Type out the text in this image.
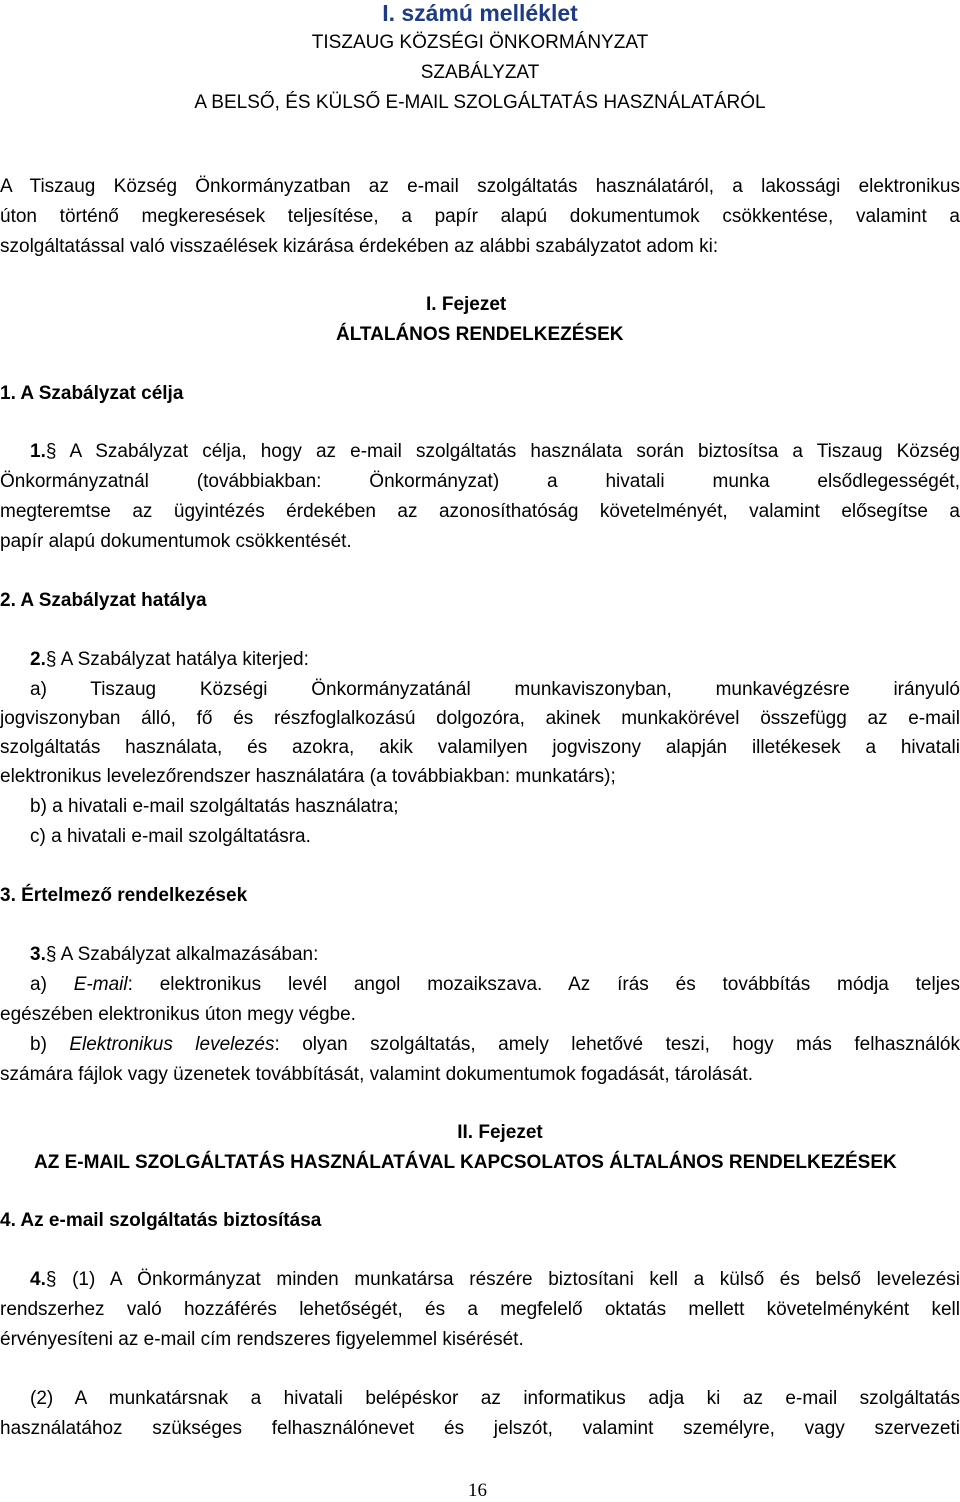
I. számú melléklet
TISZAUG KÖZSÉGI ÖNKORMÁNYZAT
SZABÁLYZAT
A BELSŐ, ÉS KÜLSŐ E-MAIL SZOLGÁLTATÁS HASZNÁLATÁRÓL
A Tiszaug Község Önkormányzatban az e-mail szolgáltatás használatáról, a lakossági elektronikus
úton történő megkeresések teljesítése, a papír alapú dokumentumok csökkentése, valamint a
szolgáltatással való visszaélések kizárása érdekében az alábbi szabályzatot adom ki:
I. Fejezet
ÁLTALÁNOS RENDELKEZÉSEK
1. A Szabályzat célja
1.§ A Szabályzat célja, hogy az e-mail szolgáltatás használata során biztosítsa a Tiszaug Község
Önkormányzatnál (továbbiakban: Önkormányzat) a hivatali munka elsődlegességét,
megteremtse az ügyintézés érdekében az azonosíthatóság követelményét, valamint elősegítse a
papír alapú dokumentumok csökkentését.
2. A Szabályzat hatálya
2.§ A Szabályzat hatálya kiterjed:
a) Tiszaug Községi Önkormányzatánál munkaviszonyban, munkavégzésre irányuló
jogviszonyban álló, fő és részfoglalkozású dolgozóra, akinek munkakörével összefügg az e-mail
szolgáltatás használata, és azokra, akik valamilyen jogviszony alapján illetékesek a hivatali
elektronikus levelezőrendszer használatára (a továbbiakban: munkatárs);
b) a hivatali e-mail szolgáltatás használatra;
c) a hivatali e-mail szolgáltatásra.
3. Értelmező rendelkezések
3.§ A Szabályzat alkalmazásában:
a) E-mail: elektronikus levél angol mozaikszava. Az írás és továbbítás módja teljes
egészében elektronikus úton megy végbe.
b) Elektronikus levelezés: olyan szolgáltatás, amely lehetővé teszi, hogy más felhasználók
számára fájlok vagy üzenetek továbbítását, valamint dokumentumok fogadását, tárolását.
II. Fejezet
AZ E-MAIL SZOLGÁLTATÁS HASZNÁLATÁVAL KAPCSOLATOS ÁLTALÁNOS RENDELKEZÉSEK
4. Az e-mail szolgáltatás biztosítása
4.§ (1) A Önkormányzat minden munkatársa részére biztosítani kell a külső és belső levelezési
rendszerhez való hozzáférés lehetőségét, és a megfelelő oktatás mellett követelményként kell
érvényesíteni az e-mail cím rendszeres figyelemmel kisérését.
(2) A munkatársnak a hivatali belépéskor az informatikus adja ki az e-mail szolgáltatás
használatához szükséges felhasználónevet és jelszót, valamint személyre, vagy szervezeti
16
